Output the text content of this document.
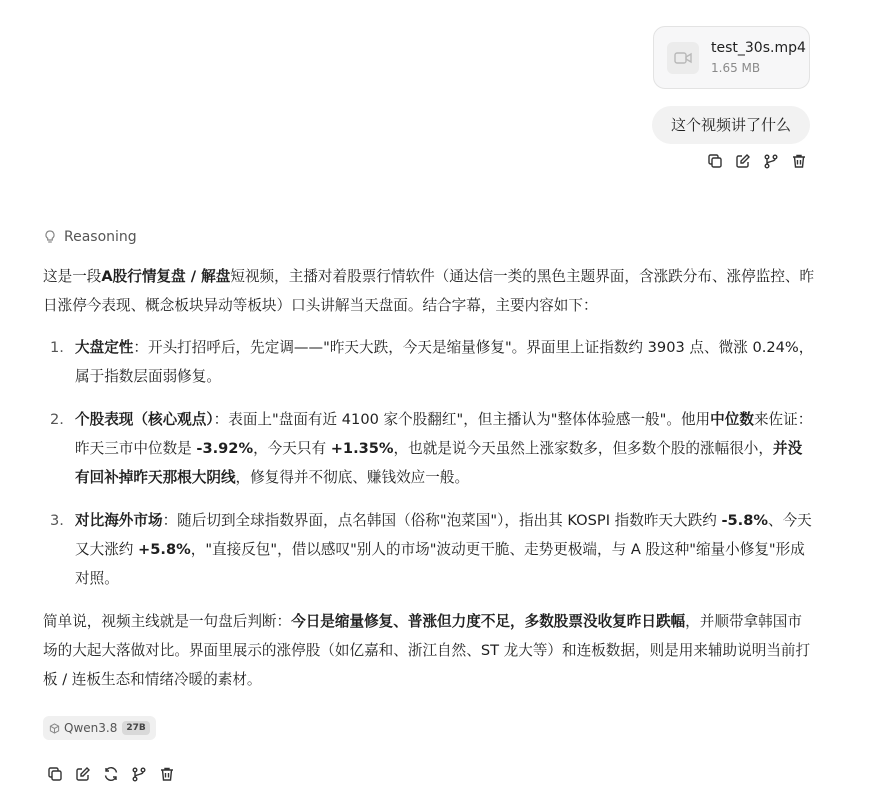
test_30s.mp4
1.65 MB
这个视频讲了什么
Reasoning

这是一段A股行情复盘 / 解盘短视频，主播对着股票行情软件（通达信一类的黑色主题界面，含涨跌分布、涨停监控、昨日涨停今表现、概念板块异动等板块）口头讲解当天盘面。结合字幕，主要内容如下：

1. 大盘定性：开头打招呼后，先定调——"昨天大跌，今天是缩量修复"。界面里上证指数约 3903 点、微涨 0.24%，属于指数层面弱修复。
2. 个股表现（核心观点）：表面上"盘面有近 4100 家个股翻红"，但主播认为"整体体验感一般"。他用中位数来佐证：昨天三市中位数是 -3.92%，今天只有 +1.35%，也就是说今天虽然上涨家数多，但多数个股的涨幅很小，并没有回补掉昨天那根大阴线，修复得并不彻底、赚钱效应一般。
3. 对比海外市场：随后切到全球指数界面，点名韩国（俗称"泡菜国"），指出其 KOSPI 指数昨天大跌约 -5.8%、今天又大涨约 +5.8%，"直接反包"，借以感叹"别人的市场"波动更干脆、走势更极端，与 A 股这种"缩量小修复"形成对照。

简单说，视频主线就是一句盘后判断：今日是缩量修复、普涨但力度不足，多数股票没收复昨日跌幅，并顺带拿韩国市场的大起大落做对比。界面里展示的涨停股（如亿嘉和、浙江自然、ST 龙大等）和连板数据，则是用来辅助说明当前打板 / 连板生态和情绪冷暖的素材。

Qwen3.8	27B
